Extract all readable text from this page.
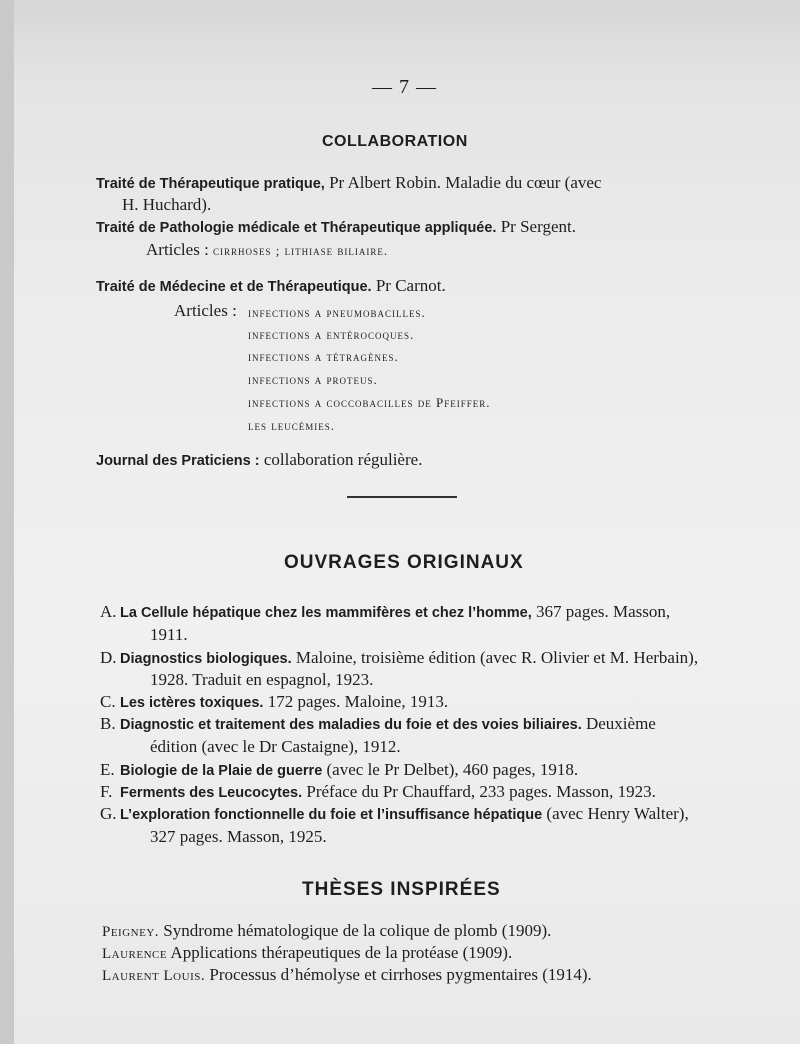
— 7 —
COLLABORATION
Traité de Thérapeutique pratique, Pr Albert Robin. Maladie du cœur (avec
H. Huchard).
Traité de Pathologie médicale et Thérapeutique appliquée. Pr Sergent.
Articles : cirrhoses ; lithiase biliaire.
Traité de Médecine et de Thérapeutique. Pr Carnot.
Articles : infections a pneumobacilles.
infections a entérocoques.
infections a tétragènes.
infections a proteus.
infections a coccobacilles de Pfeiffer.
les leucémies.
Journal des Praticiens : collaboration régulière.
OUVRAGES ORIGINAUX
A. La Cellule hépatique chez les mammifères et chez l’homme, 367 pages. Masson,
1911.
D. Diagnostics biologiques. Maloine, troisième édition (avec R. Olivier et M. Herbain),
1928. Traduit en espagnol, 1923.
C. Les ictères toxiques. 172 pages. Maloine, 1913.
B. Diagnostic et traitement des maladies du foie et des voies biliaires. Deuxième
édition (avec le Dr Castaigne), 1912.
E. Biologie de la Plaie de guerre (avec le Pr Delbet), 460 pages, 1918.
F. Ferments des Leucocytes. Préface du Pr Chauffard, 233 pages. Masson, 1923.
G. L’exploration fonctionnelle du foie et l’insuffisance hépatique (avec Henry Walter),
327 pages. Masson, 1925.
THÈSES INSPIRÉES
Peigney. Syndrome hématologique de la colique de plomb (1909).
Laurence Applications thérapeutiques de la protéase (1909).
Laurent Louis. Processus d’hémolyse et cirrhoses pygmentaires (1914).
